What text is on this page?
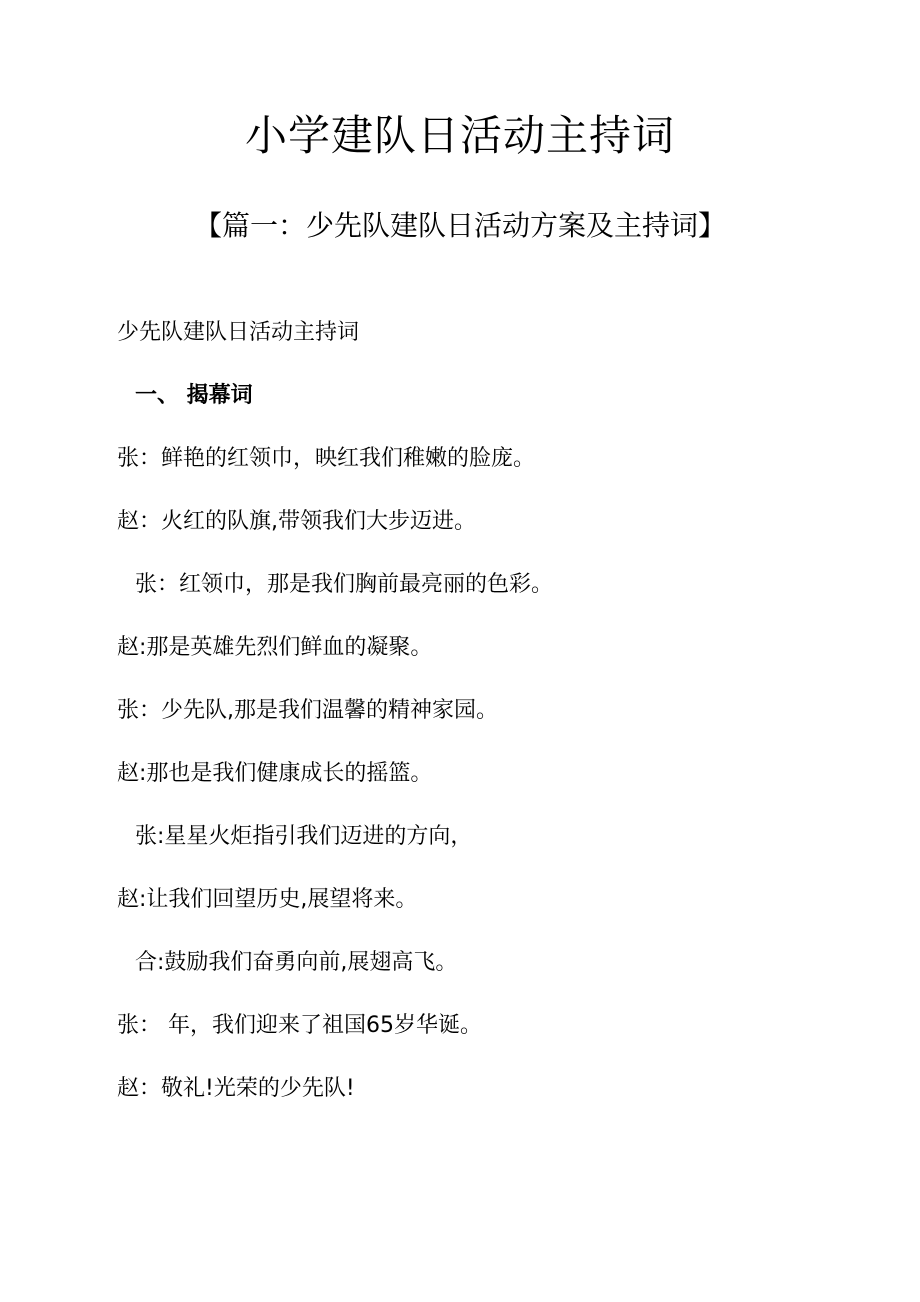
小学建队日活动主持词
【篇一：少先队建队日活动方案及主持词】

少先队建队日活动主持词

一、 揭幕词

张：鲜艳的红领巾，映红我们稚嫩的脸庞。

赵：火红的队旗,带领我们大步迈进。

张：红领巾，那是我们胸前最亮丽的色彩。

赵:那是英雄先烈们鲜血的凝聚。

张：少先队,那是我们温馨的精神家园。

赵:那也是我们健康成长的摇篮。

张:星星火炬指引我们迈进的方向，

赵:让我们回望历史,展望将来。

合:鼓励我们奋勇向前,展翅高飞。

张： 年，我们迎来了祖国65岁华诞。

赵：敬礼!光荣的少先队!
